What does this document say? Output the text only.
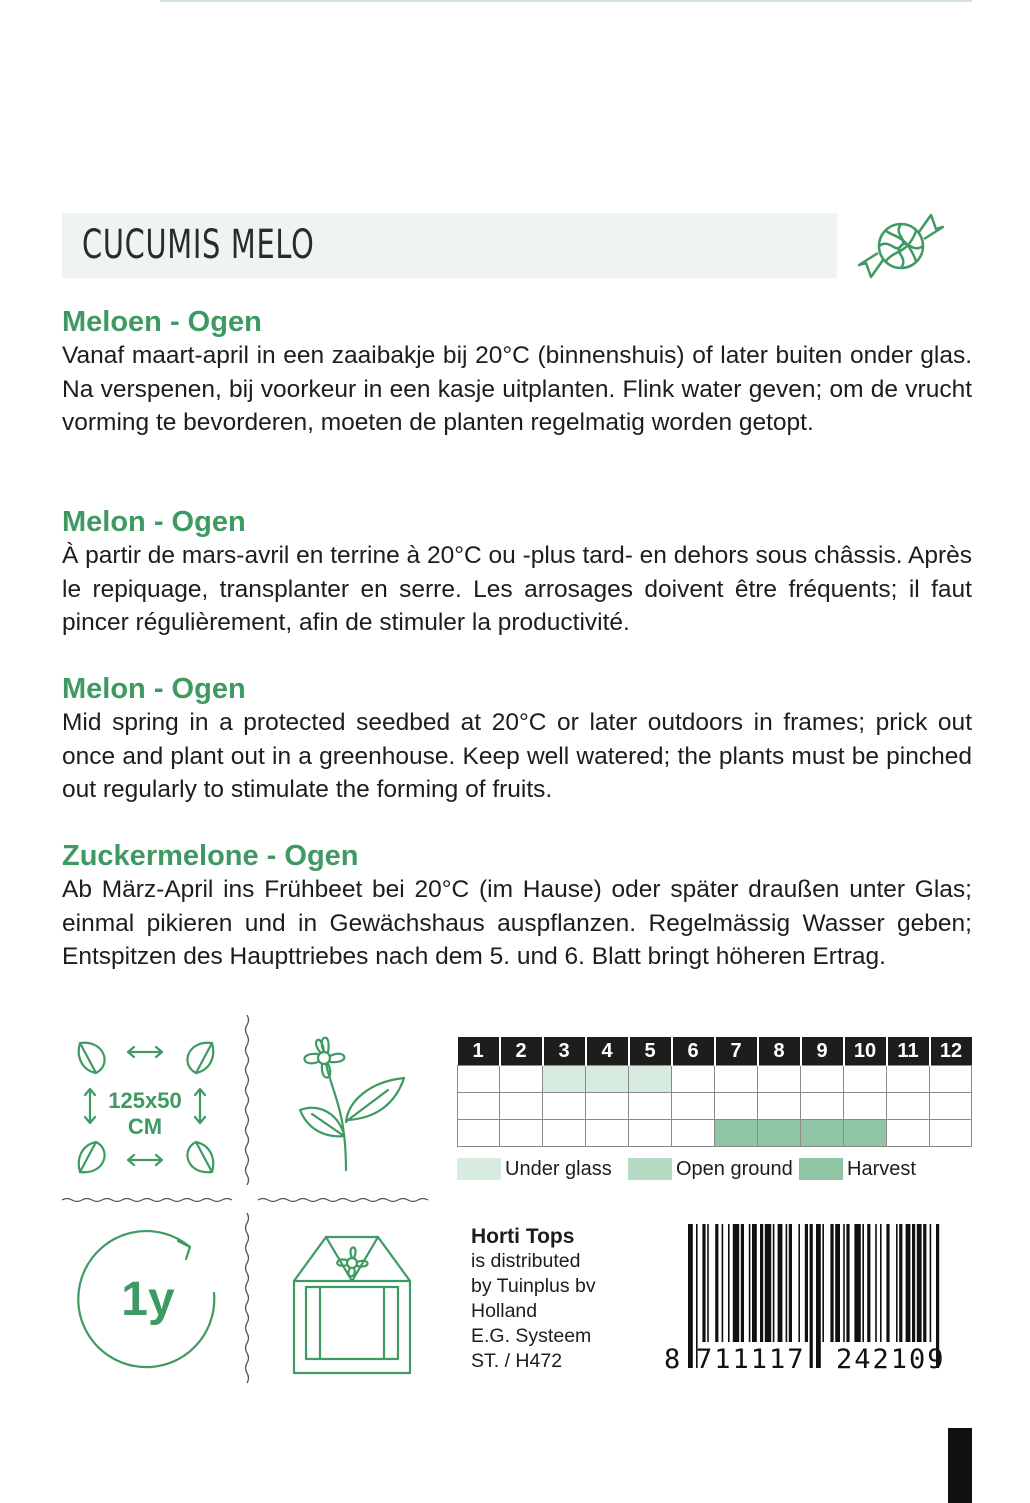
CUCUMIS MELO

Meloen - Ogen

Vanaf maart-april in een zaaibakje bij 20°C (binnenshuis) of later buiten onder glas. Na verspenen, bij voorkeur in een kasje uitplanten. Flink water geven; om de vrucht vorming te bevorderen, moeten de planten regelmatig worden getopt.

Melon - Ogen

À partir de mars-avril en terrine à 20°C ou -plus tard- en dehors sous châssis. Après le repiquage, transplanter en serre. Les arrosages doivent être fréquents; il faut pincer régulièrement, afin de stimuler la productivité.

Melon - Ogen

Mid spring in a protected seedbed at 20°C or later outdoors in frames; prick out once and plant out in a greenhouse. Keep well watered; the plants must be pinched out regularly to stimulate the forming of fruits.

Zuckermelone - Ogen

Ab März-April ins Frühbeet bei 20°C (im Hause) oder später draußen unter Glas; einmal pikieren und in Gewächshaus auspflanzen. Regelmässig Wasser geben; Entspitzen des Haupttriebes nach dem 5. und 6. Blatt bringt höheren Ertrag.

125x50
CM
1y
1	2	3	4	5	6	7	8	9	10	11	12

Under glass	Open ground	Harvest
Horti Tops
is distributed
by Tuinplus bv
Holland
E.G. Systeem
ST. / H472	8 711117 242109
